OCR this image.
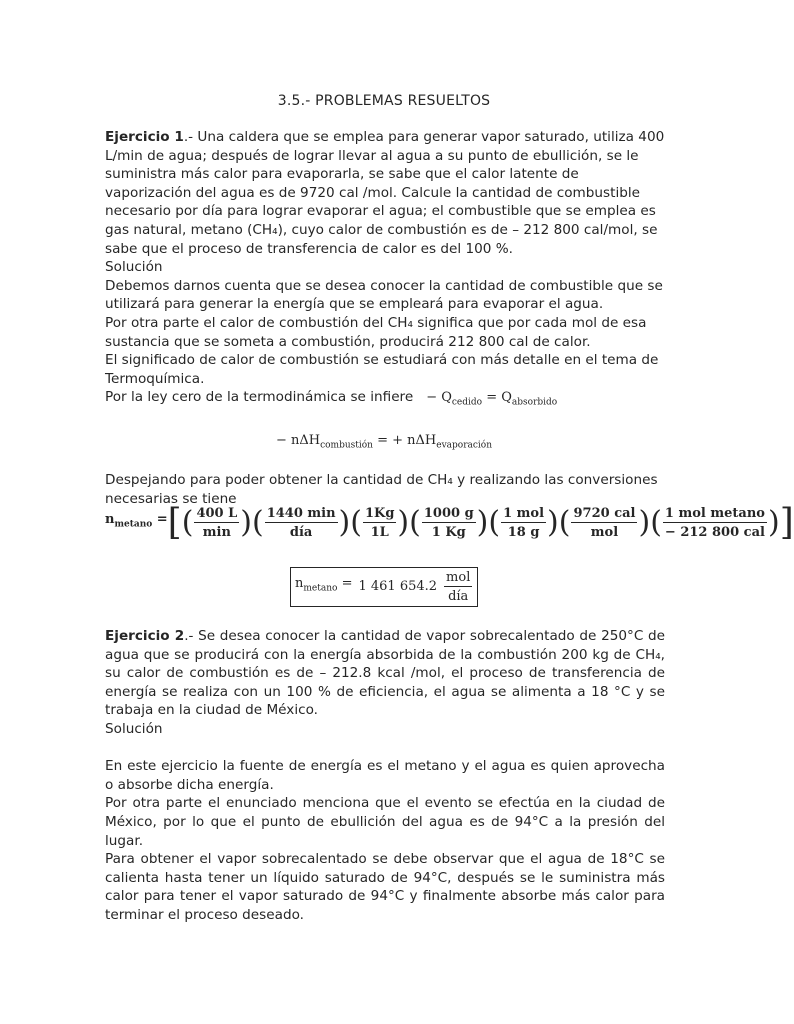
3.5.- PROBLEMAS RESUELTOS

Ejercicio 1.- Una caldera que se emplea para generar vapor saturado, utiliza 400 L/min de agua; después de lograr llevar al agua a su punto de ebullición, se le suministra más calor para evaporarla, se sabe que el calor latente de vaporización del agua es de 9720 cal /mol. Calcule la cantidad de combustible necesario por día para lograr evaporar el agua; el combustible que se emplea es gas natural, metano (CH₄), cuyo calor de combustión es de – 212 800 cal/mol, se sabe que el proceso de transferencia de calor es del 100 %.

Solución

Debemos darnos cuenta que se desea conocer la cantidad de combustible que se utilizará para generar la energía que se empleará para evaporar el agua.

Por otra parte el calor de combustión del CH₄ significa que por cada mol de esa sustancia que se someta a combustión, producirá 212 800 cal de calor.

El significado de calor de combustión se estudiará con más detalle en el tema de Termoquímica.

Por la ley cero de la termodinámica se infiere − $Q_{cedido} = Q_{absorbido}$

− nΔH$_{combustión}$ = + nΔH$_{evaporación}$

Despejando para poder obtener la cantidad de CH₄ y realizando las conversiones necesarias se tiene

$n_{metano}$ = [ ( $\frac{400 L}{\min}$ ) ( $\frac{1440 \min}{\text{día}}$ ) ( $\frac{1Kg}{1L}$ ) ( $\frac{1000 g}{1 Kg}$ ) ( $\frac{\text{1 mol}}{18 g}$ ) ( $\frac{\text{9720 cal}}{\text{mol}}$ ) ( $\frac{\text{1 mol metano}}{\text{− 212 800 cal}}$ ) ]
$n_{metano} = 1$ 461 $654.2 \frac{\text{mol}}{\text{día}}$

Ejercicio 2.- Se desea conocer la cantidad de vapor sobrecalentado de 250°C de agua que se producirá con la energía absorbida de la combustión 200 kg de CH₄, su calor de combustión es de – 212.8 kcal /mol, el proceso de transferencia de energía se realiza con un 100 % de eficiencia, el agua se alimenta a 18 °C y se trabaja en la ciudad de México.

Solución

En este ejercicio la fuente de energía es el metano y el agua es quien aprovecha o absorbe dicha energía.

Por otra parte el enunciado menciona que el evento se efectúa en la ciudad de México, por lo que el punto de ebullición del agua es de 94°C a la presión del lugar.

Para obtener el vapor sobrecalentado se debe observar que el agua de 18°C se calienta hasta tener un líquido saturado de 94°C, después se le suministra más calor para tener el vapor saturado de 94°C y finalmente absorbe más calor para terminar el proceso deseado.
